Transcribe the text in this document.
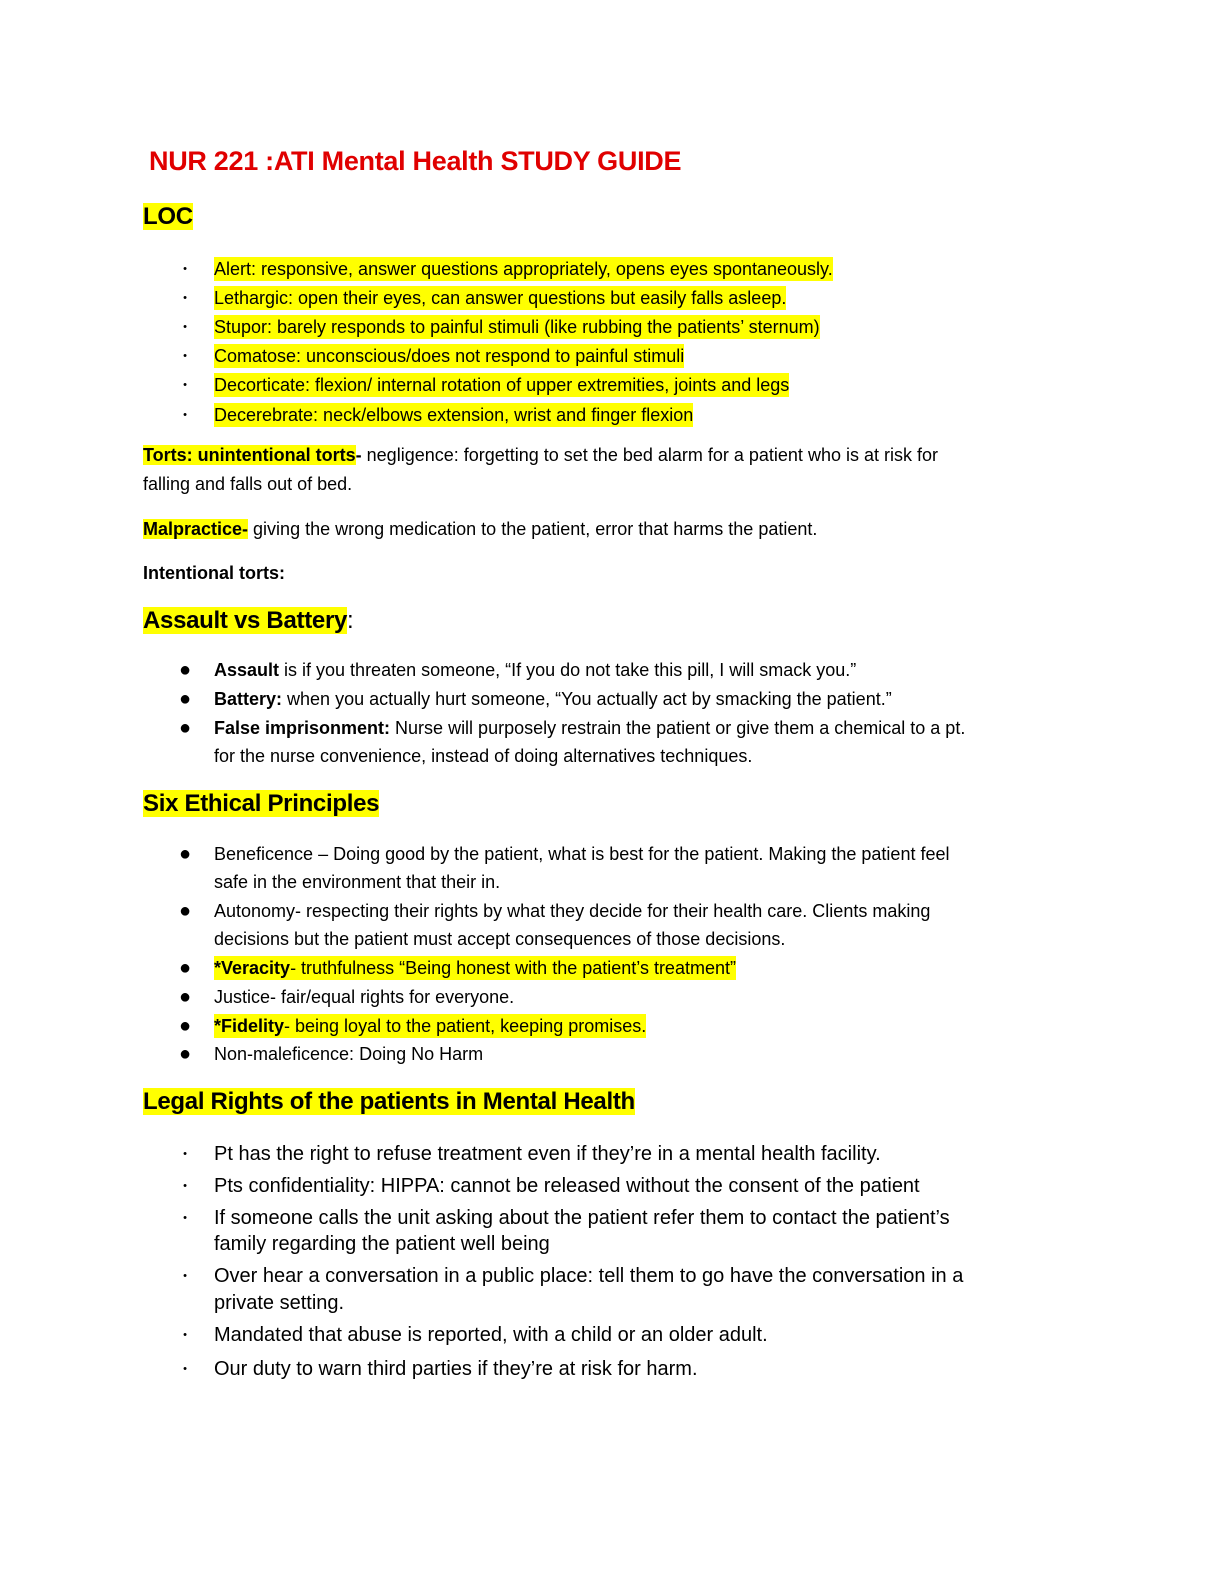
NUR 221 :ATI Mental Health STUDY GUIDE
LOC
• Alert: responsive, answer questions appropriately, opens eyes spontaneously.
• Lethargic: open their eyes, can answer questions but easily falls asleep.
• Stupor: barely responds to painful stimuli (like rubbing the patients’ sternum)
• Comatose: unconscious/does not respond to painful stimuli
• Decorticate: flexion/ internal rotation of upper extremities, joints and legs
• Decerebrate: neck/elbows extension, wrist and finger flexion
Torts: unintentional torts- negligence: forgetting to set the bed alarm for a patient who is at risk for
falling and falls out of bed.
Malpractice- giving the wrong medication to the patient, error that harms the patient.
Intentional torts:
Assault vs Battery:
● Assault is if you threaten someone, “If you do not take this pill, I will smack you.”
● Battery: when you actually hurt someone, “You actually act by smacking the patient.”
● False imprisonment: Nurse will purposely restrain the patient or give them a chemical to a pt.
for the nurse convenience, instead of doing alternatives techniques.
Six Ethical Principles
● Beneficence – Doing good by the patient, what is best for the patient. Making the patient feel
safe in the environment that their in.
● Autonomy- respecting their rights by what they decide for their health care. Clients making
decisions but the patient must accept consequences of those decisions.
● *Veracity- truthfulness “Being honest with the patient’s treatment”
● Justice- fair/equal rights for everyone.
● *Fidelity- being loyal to the patient, keeping promises.
● Non-maleficence: Doing No Harm
Legal Rights of the patients in Mental Health
• Pt has the right to refuse treatment even if they’re in a mental health facility.
• Pts confidentiality: HIPPA: cannot be released without the consent of the patient
• If someone calls the unit asking about the patient refer them to contact the patient’s
family regarding the patient well being
• Over hear a conversation in a public place: tell them to go have the conversation in a
private setting.
• Mandated that abuse is reported, with a child or an older adult.
• Our duty to warn third parties if they’re at risk for harm.
